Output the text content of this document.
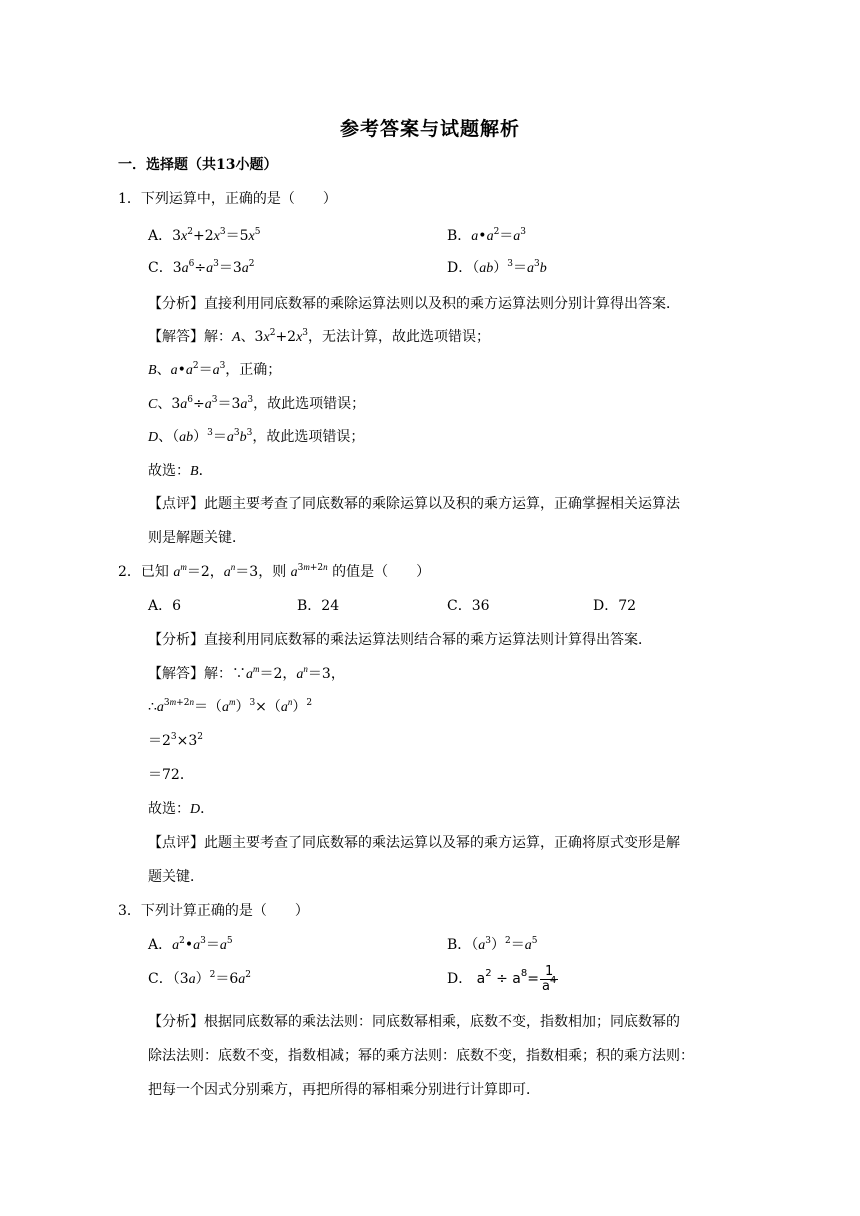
参考答案与试题解析
一．选择题（共13小题）
1．下列运算中，正确的是（　　）
A．$3x^2+2x^3=5x^5$	B．$a•a^2=a^3$
C．$3a^6\div a^3=3a^2$	D．$(ab)^3=a^3b$
【分析】直接利用同底数幂的乘除运算法则以及积的乘方运算法则分别计算得出答案．
【解答】解：A、$3x^2+2x^3$，无法计算，故此选项错误；
B、$a•a^2=a^3$，正确；
C、$3a^6\div a^3=3a^3$，故此选项错误；
D、$(ab)^3=a^3b^3$，故此选项错误；
故选：B．
【点评】此题主要考查了同底数幂的乘除运算以及积的乘方运算，正确掌握相关运算法
则是解题关键．
2．已知 $a^m=2$，$a^n=3$，则 $a^{3m+2n}$ 的值是（　　）
A．6	B．24	C．36	D．72
【分析】直接利用同底数幂的乘法运算法则结合幂的乘方运算法则计算得出答案．
【解答】解：$\because a^m=2$，$a^n=3$，
$\therefore a^{3m+2n}=(a^m)^3\times(a^n)^2$
$=2^3\times 3^2$
＝72．
故选：D．
【点评】此题主要考查了同底数幂的乘法运算以及幂的乘方运算，正确将原式变形是解
题关键．
3．下列计算正确的是（　　）
A．$a^2•a^3=a^5$	B．$(a^3)^2=a^5$
C．$(3a)^2=6a^2$	D． $a^2 \div a^8= \frac{1}{a^4}$
【分析】根据同底数幂的乘法法则：同底数幂相乘，底数不变，指数相加；同底数幂的
除法法则：底数不变，指数相减；幂的乘方法则：底数不变，指数相乘；积的乘方法则：
把每一个因式分别乘方，再把所得的幂相乘分别进行计算即可．
